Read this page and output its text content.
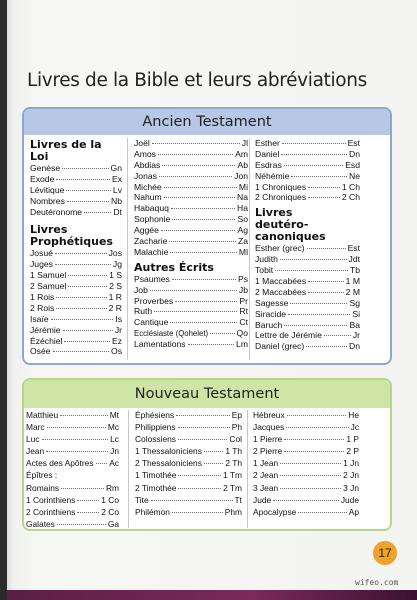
Livres de la Bible et leurs abréviations
Ancien Testament
Livres de la Loi
Genèse	Gn
Exode	Ex
Lévitique	Lv
Nombres	Nb
Deutéronome	Dt
Livres
Prophétiques
Josué	Jos
Juges	Jg
1 Samuel	1 S
2 Samuel	2 S
1 Rois	1 R
2 Rois	2 R
Isaïe	Is
Jérémie	Jr
Ézéchiel	Ez
Osée	Os
Joël	Jl
Amos	Am
Abdias	Ab
Jonas	Jon
Michée	Mi
Nahum	Na
Habaquq	Ha
Sophonie	So
Aggée	Ag
Zacharie	Za
Malachie	Ml
Autres Écrits
Psaumes	Ps
Job	Jb
Proverbes	Pr
Ruth	Rt
Cantique	Ct
Ecclésiaste (Qohelet)	Qo
Lamentations	Lm
Esther	Est
Daniel	Dn
Esdras	Esd
Néhémie	Ne
1 Chroniques	1 Ch
2 Chroniques	2 Ch
Livres
deutéro-
canoniques
Esther (grec)	Est
Judith	Jdt
Tobit	Tb
1 Maccabées	1 M
2 Maccabées	2 M
Sagesse	Sg
Siracide	Si
Baruch	Ba
Lettre de Jérémie	Jr
Daniel (grec)	Dn
Nouveau Testament
Matthieu	Mt
Marc	Mc
Luc	Lc
Jean	Jn
Actes des Apôtres Ac
Épîtres :
Romains	Rm
1 Corinthiens	1 Co
2 Corinthiens	2 Co
Galates	Ga
Éphésiens	Ep
Philippiens	Ph
Colossiens	Col
1 Thessaloniciens	1 Th
2 Thessaloniciens	2 Th
1 Timothée	1 Tm
2 Timothée	2 Tm
Tite	Tt
Philémon	Phm
Hébreux	He
Jacques	Jc
1 Pierre	1 P
2 Pierre	2 P
1 Jean	1 Jn
2 Jean	2 Jn
3 Jean	3 Jn
Jude	Jude
Apocalypse	Ap
17
wifeo.com
